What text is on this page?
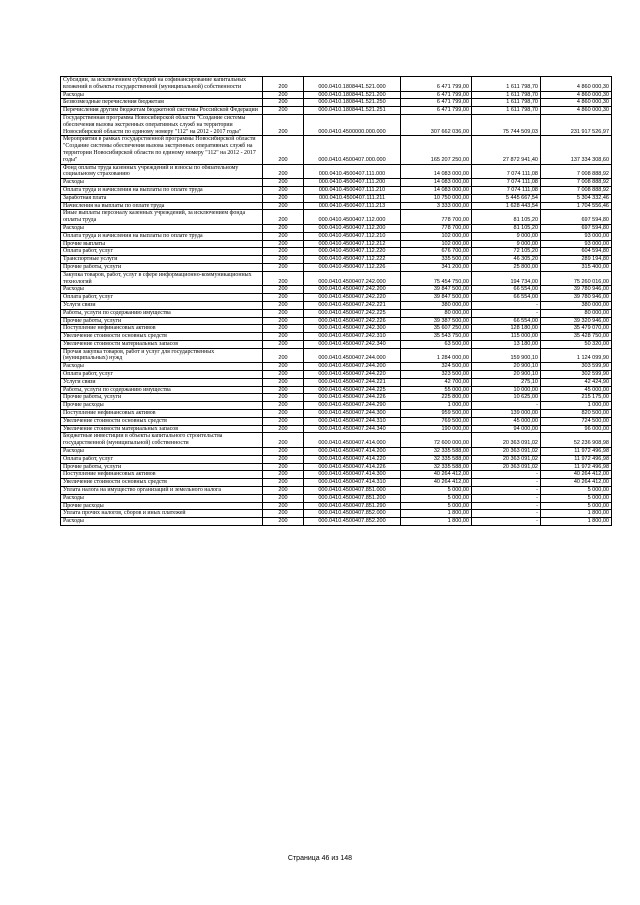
Субсидии, за исключением субсидий на софинансирование капитальных вложений в объекты государственной (муниципальной) собственности	200	000.0410.1808441.521.000	6 471 799,00	1 611 798,70	4 860 000,30
Расходы	200	000.0410.1808441.521.200	6 471 799,00	1 611 798,70	4 860 000,30
Безвозмездные перечисления бюджетам	200	000.0410.1808441.521.250	6 471 799,00	1 611 798,70	4 860 000,30
Перечисления другим бюджетам бюджетной системы Российской Федерации	200	000.0410.1808441.521.251	6 471 799,00	1 611 798,70	4 860 000,30
Государственная программа Новосибирской области "Создание системы обеспечения вызова экстренных оперативных служб на территории Новосибирской области по единому номеру "112" на 2012 - 2017 годы"	200	000.0410.4500000.000.000	307 662 036,00	75 744 509,03	231 917 526,97
Мероприятия в рамках государственной программы Новосибирской области "Создание системы обеспечения вызова экстренных оперативных служб на территории Новосибирской области по единому номеру "112" на 2012 - 2017 годы"	200	000.0410.4500407.000.000	165 207 250,00	27 872 941,40	137 334 308,60
Фонд оплаты труда казенных учреждений и взносы по обязательному социальному страхованию	200	000.0410.4500407.111.000	14 083 000,00	7 074 111,08	7 008 888,92
Расходы	200	000.0410.4500407.111.200	14 083 000,00	7 074 111,08	7 008 888,92
Оплата труда и начисления на выплаты по оплате труда	200	000.0410.4500407.111.210	14 083 000,00	7 074 111,08	7 008 888,92
Заработная плата	200	000.0410.4500407.111.211	10 750 000,00	5 445 667,54	5 304 332,46
Начисления на выплаты по оплате труда	200	000.0410.4500407.111.213	3 333 000,00	1 628 443,54	1 704 556,46
Иные выплаты персоналу казенных учреждений, за исключением фонда оплаты труда	200	000.0410.4500407.112.000	778 700,00	81 105,20	697 594,80
Расходы	200	000.0410.4500407.112.200	778 700,00	81 105,20	697 594,80
Оплата труда и начисления на выплаты по оплате труда	200	000.0410.4500407.112.210	102 000,00	9 000,00	93 000,00
Прочие выплаты	200	000.0410.4500407.112.212	102 000,00	9 000,00	93 000,00
Оплата работ, услуг	200	000.0410.4500407.112.220	676 700,00	72 105,20	604 594,80
Транспортные услуги	200	000.0410.4500407.112.222	335 500,00	46 305,20	289 194,80
Прочие работы, услуги	200	000.0410.4500407.112.226	341 200,00	25 800,00	315 400,00
Закупка товаров, работ, услуг в сфере информационно-коммуникационных технологий	200	000.0410.4500407.242.000	75 454 750,00	194 734,00	75 260 016,00
Расходы	200	000.0410.4500407.242.200	39 847 500,00	66 554,00	39 780 946,00
Оплата работ, услуг	200	000.0410.4500407.242.220	39 847 500,00	66 554,00	39 780 946,00
Услуги связи	200	000.0410.4500407.242.221	380 000,00	-	380 000,00
Работы, услуги по содержанию имущества	200	000.0410.4500407.242.225	80 000,00	-	80 000,00
Прочие работы, услуги	200	000.0410.4500407.242.226	39 387 500,00	66 554,00	39 320 946,00
Поступление нефинансовых активов	200	000.0410.4500407.242.300	35 607 250,00	128 180,00	35 479 070,00
Увеличение стоимости основных средств	200	000.0410.4500407.242.310	35 543 750,00	115 000,00	35 428 750,00
Увеличение стоимости материальных запасов	200	000.0410.4500407.242.340	63 500,00	13 180,00	50 320,00
Прочая закупка товаров, работ и услуг для государственных (муниципальных) нужд	200	000.0410.4500407.244.000	1 284 000,00	159 900,10	1 124 099,90
Расходы	200	000.0410.4500407.244.200	324 500,00	20 900,10	303 599,90
Оплата работ, услуг	200	000.0410.4500407.244.220	323 500,00	20 900,10	302 599,90
Услуги связи	200	000.0410.4500407.244.221	42 700,00	275,10	42 424,90
Работы, услуги по содержанию имущества	200	000.0410.4500407.244.225	55 000,00	10 000,00	45 000,00
Прочие работы, услуги	200	000.0410.4500407.244.226	225 800,00	10 625,00	215 175,00
Прочие расходы	200	000.0410.4500407.244.290	1 000,00	-	1 000,00
Поступление нефинансовых активов	200	000.0410.4500407.244.300	959 500,00	139 000,00	820 500,00
Увеличение стоимости основных средств	200	000.0410.4500407.244.310	769 500,00	45 000,00	724 500,00
Увеличение стоимости материальных запасов	200	000.0410.4500407.244.340	190 000,00	94 000,00	96 000,00
Бюджетные инвестиции в объекты капитального строительства государственной (муниципальной) собственности	200	000.0410.4500407.414.000	72 600 000,00	20 363 091,02	52 236 908,98
Расходы	200	000.0410.4500407.414.200	32 335 588,00	20 363 091,02	11 972 496,98
Оплата работ, услуг	200	000.0410.4500407.414.220	32 335 588,00	20 363 091,02	11 972 496,98
Прочие работы, услуги	200	000.0410.4500407.414.226	32 335 588,00	20 363 091,02	11 972 496,98
Поступление нефинансовых активов	200	000.0410.4500407.414.300	40 264 412,00	-	40 264 412,00
Увеличение стоимости основных средств	200	000.0410.4500407.414.310	40 264 412,00	-	40 264 412,00
Уплата налога на имущество организаций и земельного налога	200	000.0410.4500407.851.000	5 000,00	-	5 000,00
Расходы	200	000.0410.4500407.851.200	5 000,00	-	5 000,00
Прочие расходы	200	000.0410.4500407.851.290	5 000,00	-	5 000,00
Уплата прочих налогов, сборов и иных платежей	200	000.0410.4500407.852.000	1 800,00	-	1 800,00
Расходы	200	000.0410.4500407.852.200	1 800,00	-	1 800,00
Страница 46 из 148
